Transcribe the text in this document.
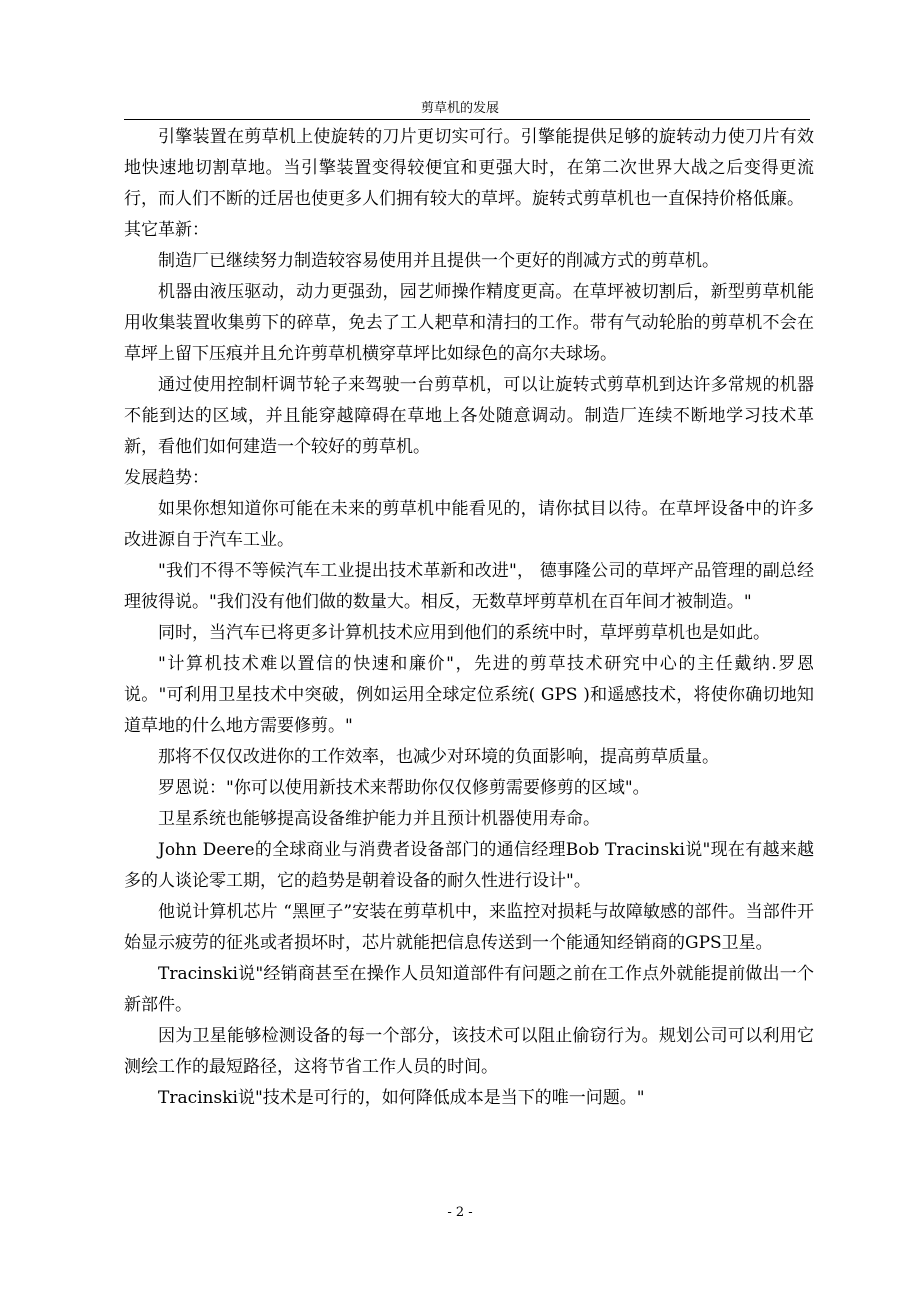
剪草机的发展

引擎装置在剪草机上使旋转的刀片更切实可行。引擎能提供足够的旋转动力使刀片有效地快速地切割草地。当引擎装置变得较便宜和更强大时，在第二次世界大战之后变得更流行，而人们不断的迁居也使更多人们拥有较大的草坪。旋转式剪草机也一直保持价格低廉。

其它革新：

制造厂已继续努力制造较容易使用并且提供一个更好的削减方式的剪草机。

机器由液压驱动，动力更强劲，园艺师操作精度更高。在草坪被切割后，新型剪草机能用收集装置收集剪下的碎草，免去了工人耙草和清扫的工作。带有气动轮胎的剪草机不会在草坪上留下压痕并且允许剪草机横穿草坪比如绿色的高尔夫球场。

通过使用控制杆调节轮子来驾驶一台剪草机，可以让旋转式剪草机到达许多常规的机器不能到达的区域，并且能穿越障碍在草地上各处随意调动。制造厂连续不断地学习技术革新，看他们如何建造一个较好的剪草机。

发展趋势：

如果你想知道你可能在未来的剪草机中能看见的，请你拭目以待。在草坪设备中的许多改进源自于汽车工业。

"我们不得不等候汽车工业提出技术革新和改进"， 德事隆公司的草坪产品管理的副总经理彼得说。"我们没有他们做的数量大。相反，无数草坪剪草机在百年间才被制造。"

同时，当汽车已将更多计算机技术应用到他们的系统中时，草坪剪草机也是如此。

"计算机技术难以置信的快速和廉价"，先进的剪草技术研究中心的主任戴纳.罗恩说。"可利用卫星技术中突破，例如运用全球定位系统( GPS )和遥感技术，将使你确切地知道草地的什么地方需要修剪。"

那将不仅仅改进你的工作效率，也减少对环境的负面影响，提高剪草质量。

罗恩说："你可以使用新技术来帮助你仅仅修剪需要修剪的区域"。

卫星系统也能够提高设备维护能力并且预计机器使用寿命。

John Deere的全球商业与消费者设备部门的通信经理Bob Tracinski说"现在有越来越多的人谈论零工期，它的趋势是朝着设备的耐久性进行设计"。

他说计算机芯片 “黑匣子”安装在剪草机中，来监控对损耗与故障敏感的部件。当部件开始显示疲劳的征兆或者损坏时，芯片就能把信息传送到一个能通知经销商的GPS卫星。

Tracinski说"经销商甚至在操作人员知道部件有问题之前在工作点外就能提前做出一个新部件。

因为卫星能够检测设备的每一个部分，该技术可以阻止偷窃行为。规划公司可以利用它测绘工作的最短路径，这将节省工作人员的时间。

Tracinski说"技术是可行的，如何降低成本是当下的唯一问题。"

- 2 -
